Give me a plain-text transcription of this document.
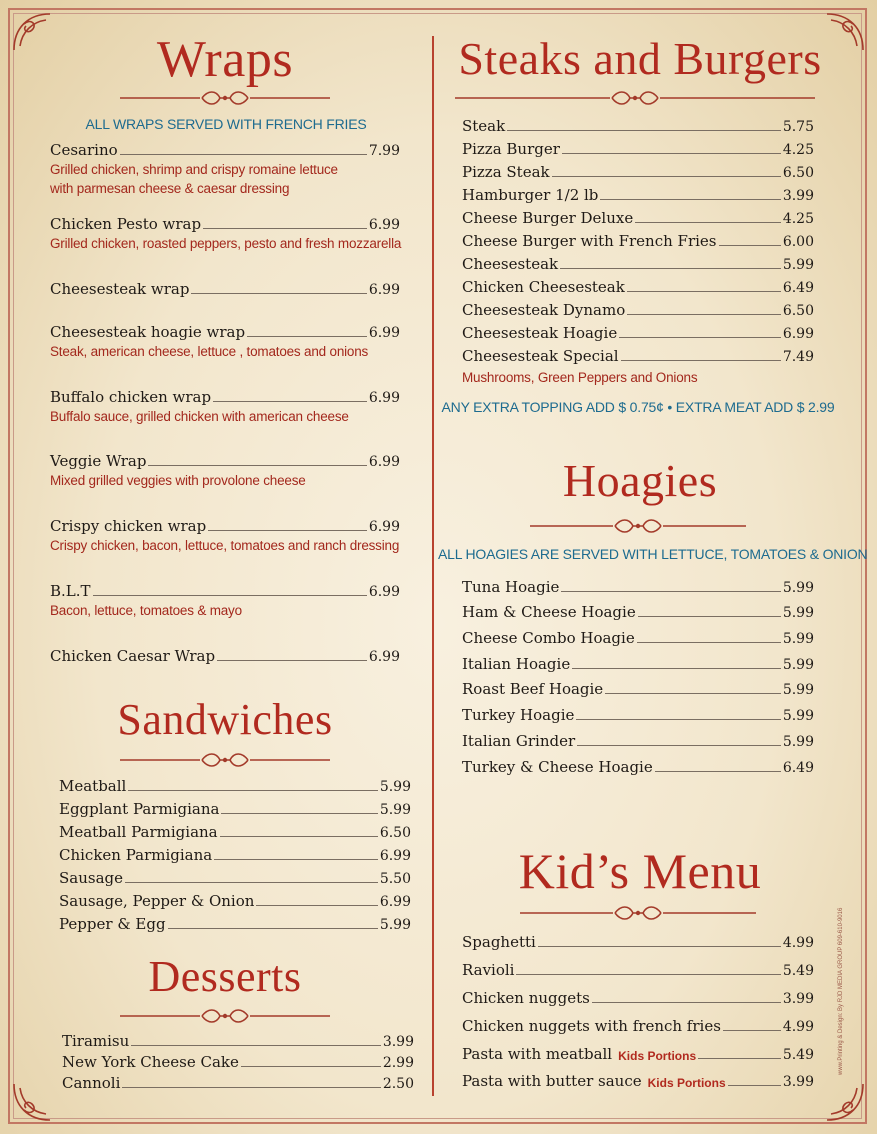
Wraps
Sandwiches
Desserts
Steaks and Burgers
Hoagies
Kid’s Menu
ALL WRAPS SERVED WITH FRENCH FRIES
ANY EXTRA TOPPING ADD $ 0.75¢ • EXTRA MEAT ADD $ 2.99
ALL HOAGIES ARE SERVED WITH LETTUCE, TOMATOES & ONION
Cesarino	7.99
Grilled chicken, shrimp and crispy romaine lettuce
with parmesan cheese & caesar dressing
Chicken Pesto wrap	6.99
Grilled chicken, roasted peppers, pesto and fresh mozzarella
Cheesesteak wrap	6.99
Cheesesteak hoagie wrap	6.99
Steak, american cheese, lettuce , tomatoes and onions
Buffalo chicken wrap	6.99
Buffalo sauce, grilled chicken with american cheese
Veggie Wrap	6.99
Mixed grilled veggies with provolone cheese
Crispy chicken wrap	6.99
Crispy chicken, bacon, lettuce, tomatoes and ranch dressing
B.L.T	6.99
Bacon, lettuce, tomatoes & mayo
Chicken Caesar Wrap	6.99
Meatball	5.99
Eggplant Parmigiana	5.99
Meatball Parmigiana	6.50
Chicken Parmigiana	6.99
Sausage	5.50
Sausage, Pepper & Onion	6.99
Pepper & Egg	5.99
Tiramisu	3.99
New York Cheese Cake	2.99
Cannoli	2.50
Steak	5.75
Pizza Burger	4.25
Pizza Steak	6.50
Hamburger 1/2 lb	3.99
Cheese Burger Deluxe	4.25
Cheese Burger with French Fries	6.00
Cheesesteak	5.99
Chicken Cheesesteak	6.49
Cheesesteak Dynamo	6.50
Cheesesteak Hoagie	6.99
Cheesesteak Special	7.49
Mushrooms, Green Peppers and Onions
Tuna Hoagie	5.99
Ham & Cheese Hoagie	5.99
Cheese Combo Hoagie	5.99
Italian Hoagie	5.99
Roast Beef Hoagie	5.99
Turkey Hoagie	5.99
Italian Grinder	5.99
Turkey & Cheese Hoagie	6.49
Spaghetti	4.99
Ravioli	5.49
Chicken nuggets	3.99
Chicken nuggets with french fries	4.99
Pasta with meatball Kids Portions	5.49
Pasta with butter sauce Kids Portions	3.99
www.Printing & Design: By RJD MEDIA GROUP 609-610-9016
